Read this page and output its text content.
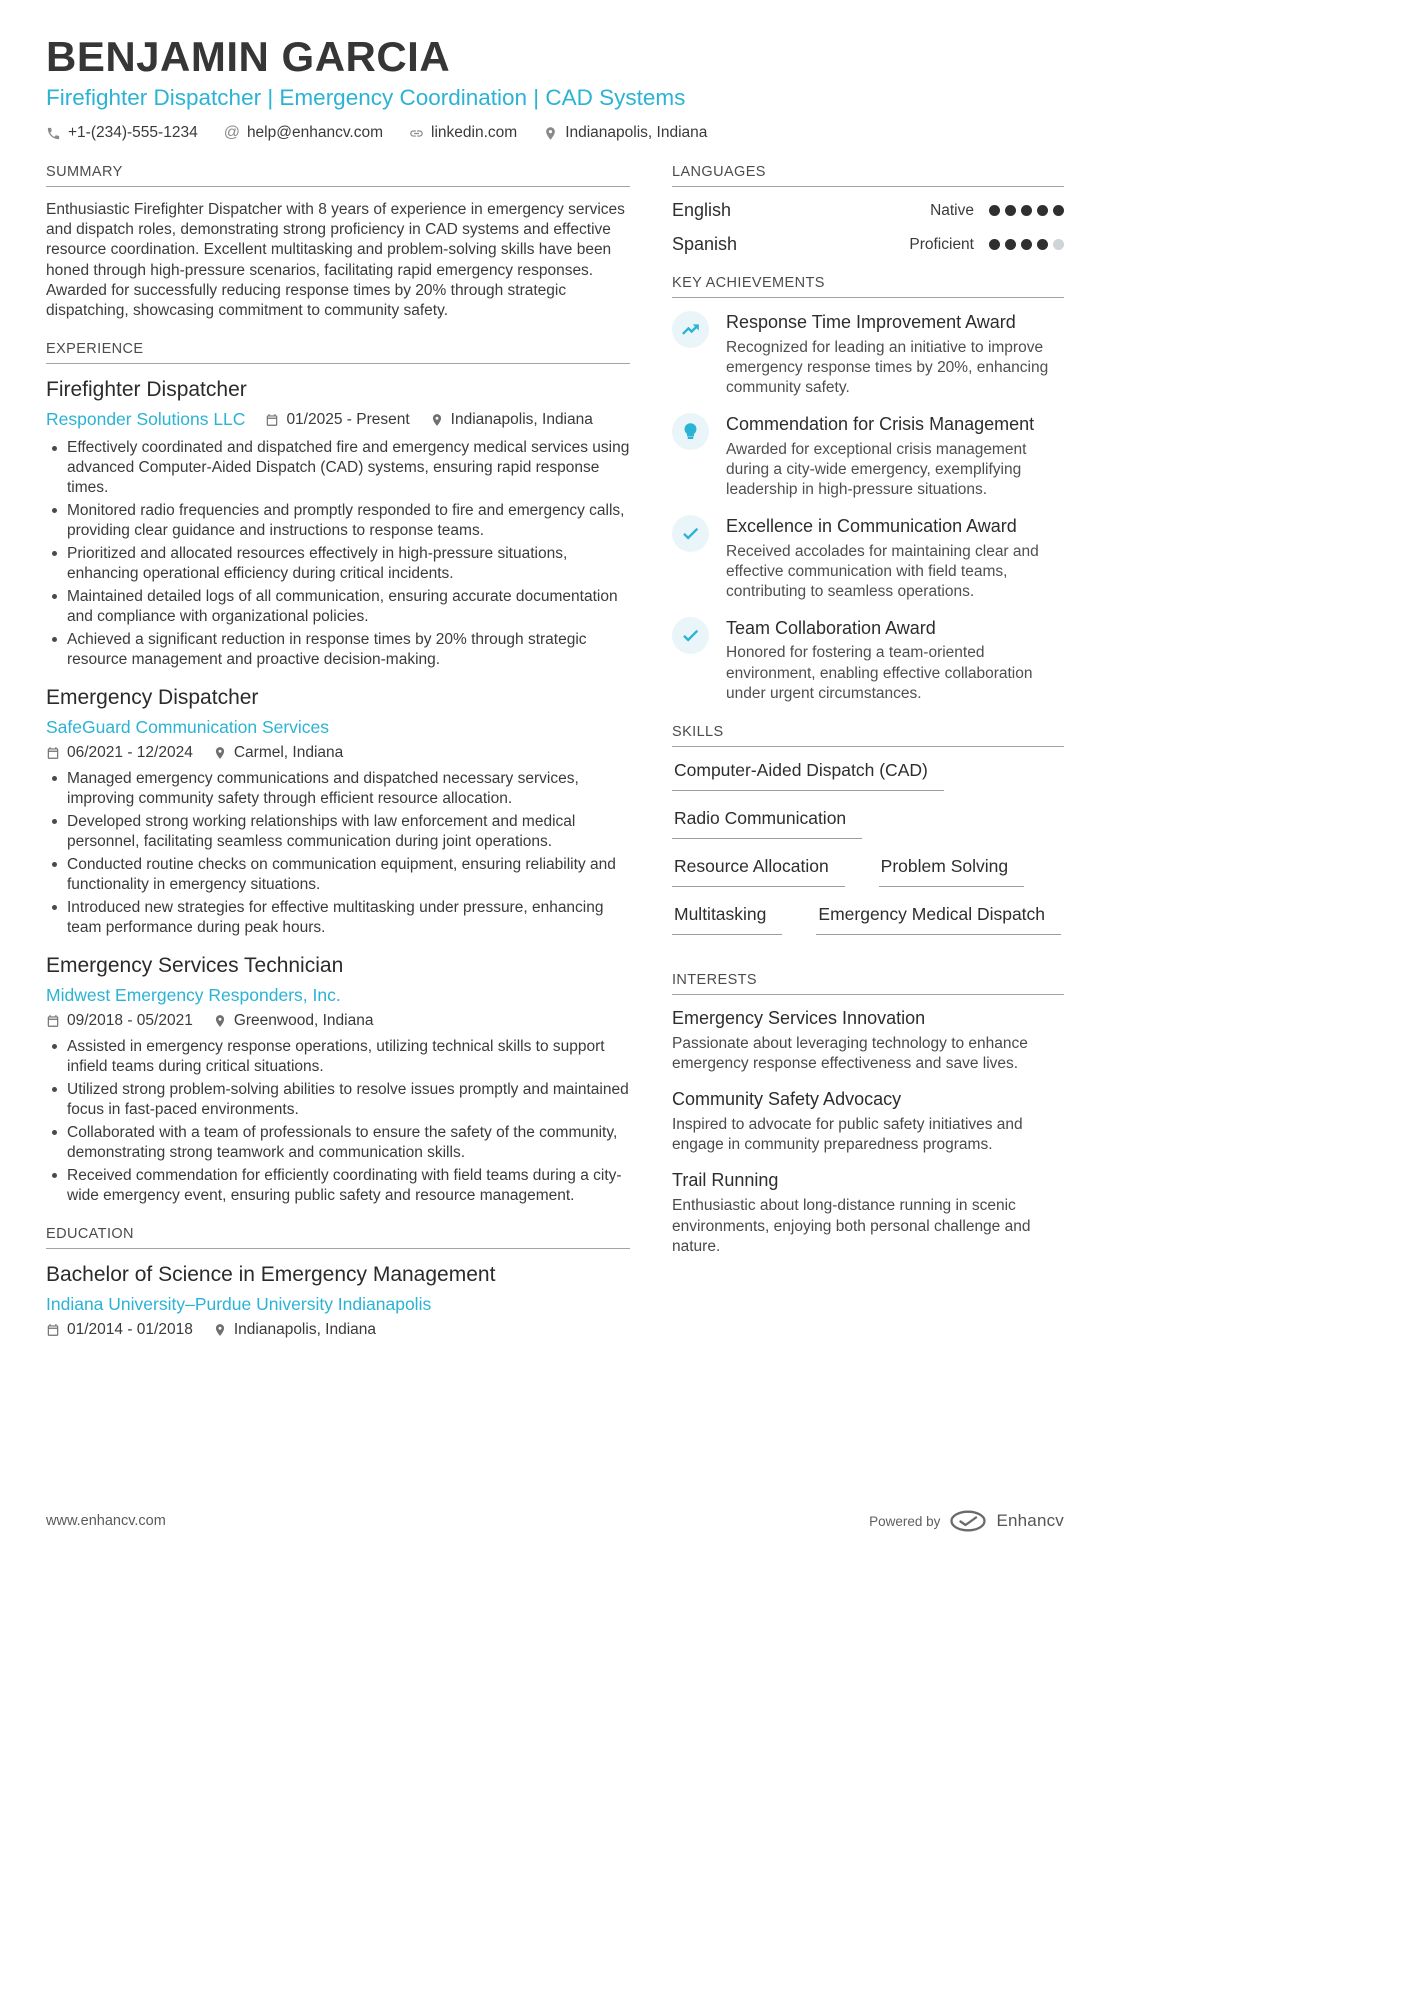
BENJAMIN GARCIA
Firefighter Dispatcher | Emergency Coordination | CAD Systems
+1-(234)-555-1234 @ help@enhancv.com	linkedin.com	Indianapolis, Indiana
SUMMARY

Enthusiastic Firefighter Dispatcher with 8 years of experience in emergency services and dispatch roles, demonstrating strong proficiency in CAD systems and effective resource coordination. Excellent multitasking and problem-solving skills have been honed through high-pressure scenarios, facilitating rapid emergency responses. Awarded for successfully reducing response times by 20% through strategic dispatching, showcasing commitment to community safety.

EXPERIENCE
Firefighter Dispatcher
Responder Solutions LLC	01/2025 - Present	Indianapolis, Indiana
Effectively coordinated and dispatched fire and emergency medical services using advanced Computer-Aided Dispatch (CAD) systems, ensuring rapid response times.
Monitored radio frequencies and promptly responded to fire and emergency calls, providing clear guidance and instructions to response teams.
Prioritized and allocated resources effectively in high-pressure situations, enhancing operational efficiency during critical incidents.
Maintained detailed logs of all communication, ensuring accurate documentation and compliance with organizational policies.
Achieved a significant reduction in response times by 20% through strategic resource management and proactive decision-making.
Emergency Dispatcher
SafeGuard Communication Services
06/2021 - 12/2024	Carmel, Indiana
Managed emergency communications and dispatched necessary services, improving community safety through efficient resource allocation.
Developed strong working relationships with law enforcement and medical personnel, facilitating seamless communication during joint operations.
Conducted routine checks on communication equipment, ensuring reliability and functionality in emergency situations.
Introduced new strategies for effective multitasking under pressure, enhancing team performance during peak hours.
Emergency Services Technician
Midwest Emergency Responders, Inc.
09/2018 - 05/2021	Greenwood, Indiana
Assisted in emergency response operations, utilizing technical skills to support infield teams during critical situations.
Utilized strong problem-solving abilities to resolve issues promptly and maintained focus in fast-paced environments.
Collaborated with a team of professionals to ensure the safety of the community, demonstrating strong teamwork and communication skills.
Received commendation for efficiently coordinating with field teams during a city-wide emergency event, ensuring public safety and resource management.
EDUCATION
Bachelor of Science in Emergency Management
Indiana University–Purdue University Indianapolis
01/2014 - 01/2018	Indianapolis, Indiana
LANGUAGES
English	Native
Spanish	Proficient
KEY ACHIEVEMENTS
Response Time Improvement Award
Recognized for leading an initiative to improve emergency response times by 20%, enhancing community safety.
Commendation for Crisis Management
Awarded for exceptional crisis management during a city-wide emergency, exemplifying leadership in high-pressure situations.
Excellence in Communication Award
Received accolades for maintaining clear and effective communication with field teams, contributing to seamless operations.
Team Collaboration Award
Honored for fostering a team-oriented environment, enabling effective collaboration under urgent circumstances.
SKILLS
Computer-Aided Dispatch (CAD)
Radio Communication
Resource Allocation	Problem Solving
Multitasking	Emergency Medical Dispatch
INTERESTS
Emergency Services Innovation
Passionate about leveraging technology to enhance emergency response effectiveness and save lives.
Community Safety Advocacy
Inspired to advocate for public safety initiatives and engage in community preparedness programs.
Trail Running
Enthusiastic about long-distance running in scenic environments, enjoying both personal challenge and nature.
www.enhancv.com	Powered by	Enhancv
